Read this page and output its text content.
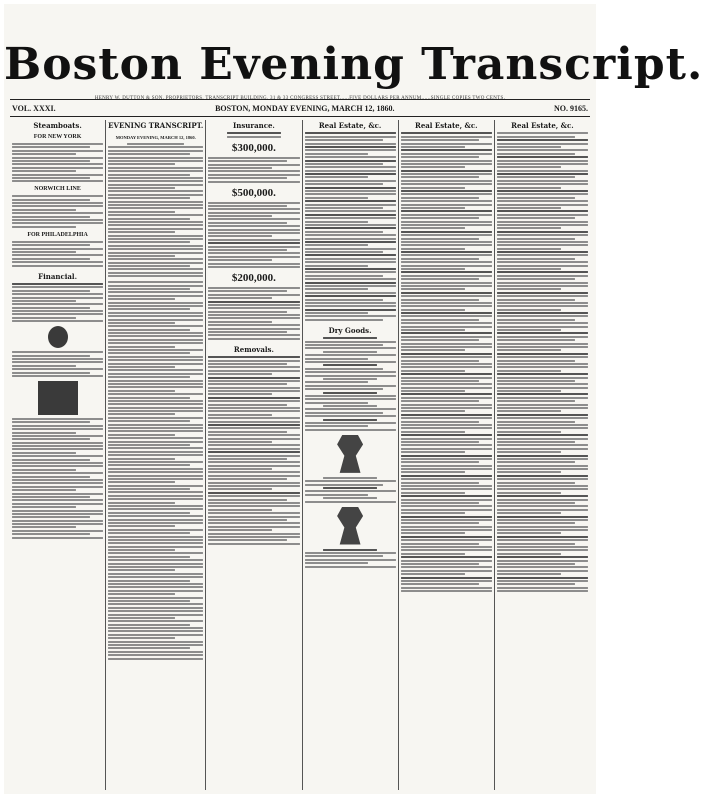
Boston Evening Transcript.
VOL. XXXI.	BOSTON, MONDAY EVENING, MARCH 12, 1860.	NO. 9165.
Steamboats.
FOR NEW YORK
NORWICH LINE
FOR PHILADELPHIA
Financial.
EVENING TRANSCRIPT.
MONDAY EVENING, MARCH 12, 1860.
Insurance.
$300,000.
$500,000.
$200,000.
Removals.
Real Estate, &c.
Dry Goods.
Real Estate, &c.	Real Estate, &c.
